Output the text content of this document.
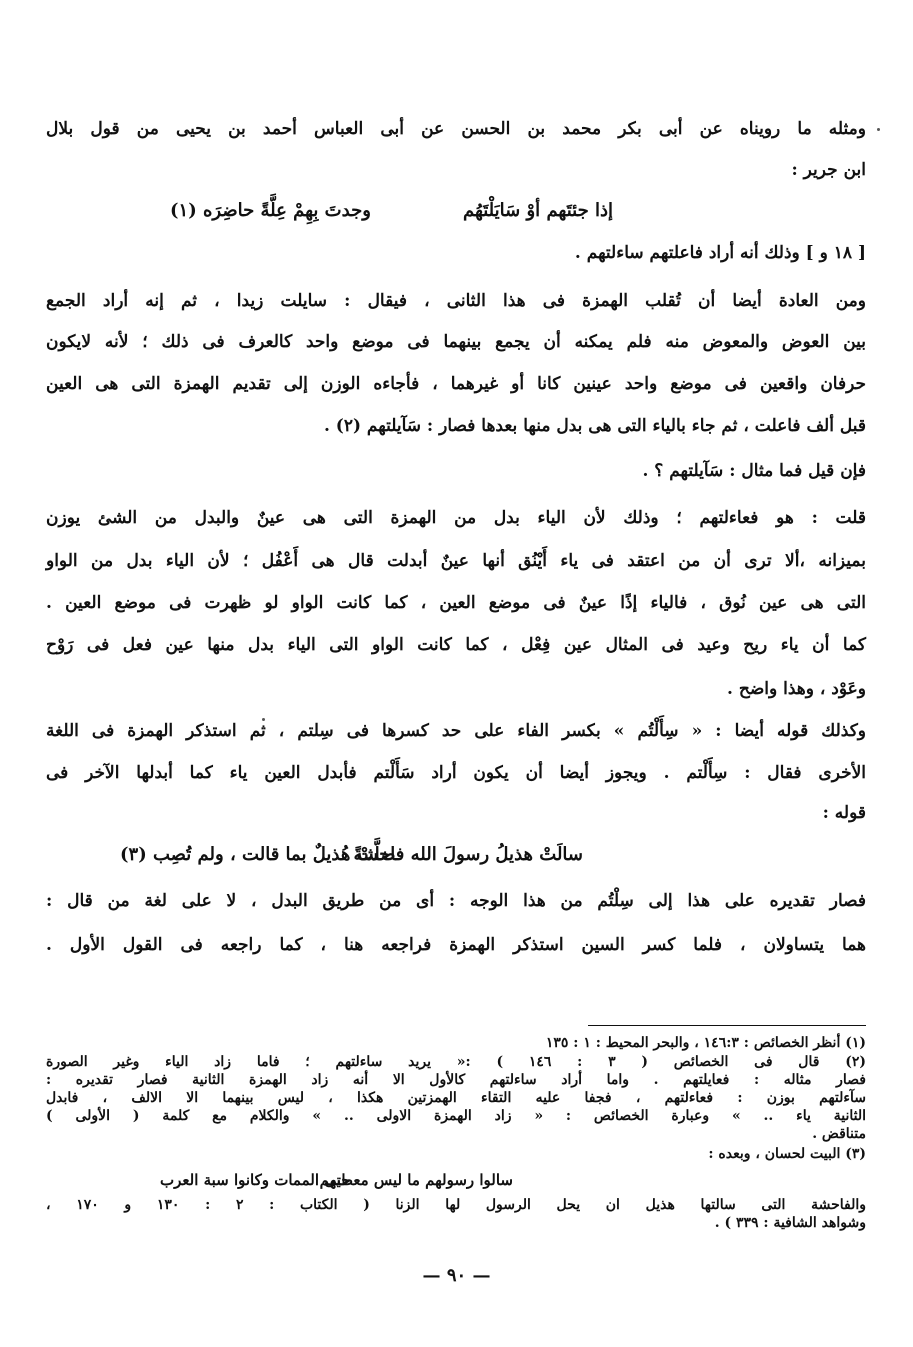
ومثله ما رويناه عن أبى بكر محمد بن الحسن عن أبى العباس أحمد بن يحيى من قول بلال
ابن جرير :
إذا جئتَهم أوْ سَايَلْتَهُم
وجدتَ بِهِمْ عِلَّةً حاضِرَه (١)
[ ١٨ و ] وذلك أنه أراد فاعلتهم ساءلتهم .
ومن العادة أيضا أن تُقلب الهمزة فى هذا الثانى ، فيقال : سايلت زيدا ، ثم إنه أراد الجمع
بين العوض والمعوض منه فلم يمكنه أن يجمع بينهما فى موضع واحد كالعرف فى ذلك ؛ لأنه لايكون
حرفان واقعين فى موضع واحد عينين كانا أو غيرهما ، فأجاءه الوزن إلى تقديم الهمزة التى هى العين
قبل ألف فاعلت ، ثم جاء بالياء التى هى بدل منها بعدها فصار : سَآيلتهم (٢) .
فإن قيل فما مثال : سَآيلتهم ؟ .
قلت : هو فعاءلتهم ؛ وذلك لأن الياء بدل من الهمزة التى هى عينٌ والبدل من الشئ يوزن
بميزانه ،ألا ترى أن من اعتقد فى ياء أَيْنُق أنها عينٌ أبدلت قال هى أَعْفُل ؛ لأن الياء بدل من الواو
التى هى عين نُوق ، فالياء إذًا عينٌ فى موضع العين ، كما كانت الواو لو ظهرت فى موضع العين .
كما أن ياء ريح وعيد فى المثال عين فِعْل ، كما كانت الواو التى الياء بدل منها عين فعل فى رَوْح
وعَوْد ، وهذا واضح .
وكذلك قوله أيضا : « سِأَلْتُم » بكسر الفاء على حد كسرها فى سِلتم ، ثم استذكر الهمزة فى اللغة
الأخرى فقال : سِأَلْتم . ويجوز أيضا أن يكون أراد سَأَلْتم فأبدل العين ياء كما أبدلها الآخر فى
قوله :
سالَتْ هذيلُ رسولَ الله فاحشةً
ضلَّتْ هُذيلٌ بما قالت ، ولم تُصِب (٣)
فصار تقديره على هذا إلى سِلْتُم من هذا الوجه : أى من طريق البدل ، لا على لغة من قال :
هما يتساولان ، فلما كسر السين استذكر الهمزة فراجعه هنا ، كما راجعه فى القول الأول .
(١) أنظر الخصائص : ١٤٦:٣ ، والبحر المحيط : ١ : ١٣٥
(٢) قال فى الخصائص ( ٣ : ١٤٦ ) :« يريد ساءلتهم ؛ فاما زاد الياء وغير الصورة
فصار مثاله : فعايلتهم . واما أراد ساءلتهم كالأول الا أنه زاد الهمزة الثانية فصار تقديره :
سآءلتهم بوزن : فعاءلتهم ، فجفا عليه التقاء الهمزتين هكذا ، ليس بينهما الا الالف ، فابدل
الثانية ياء .. » وعبارة الخصائص : « زاد الهمزة الاولى .. » والكلام مع كلمة ( الأولى )
متناقض .
(٣) البيت لحسان ، وبعده :
سالوا رسولهم ما ليس معطيهم
حتى الممات وكانوا سبة العرب
والفاحشة التى سالتها هذيل ان يحل الرسول لها الزنا ( الكتاب : ٢ : ١٣٠ و ١٧٠ ،
وشواهد الشافية : ٣٣٩ ) .
— ٩٠ —
